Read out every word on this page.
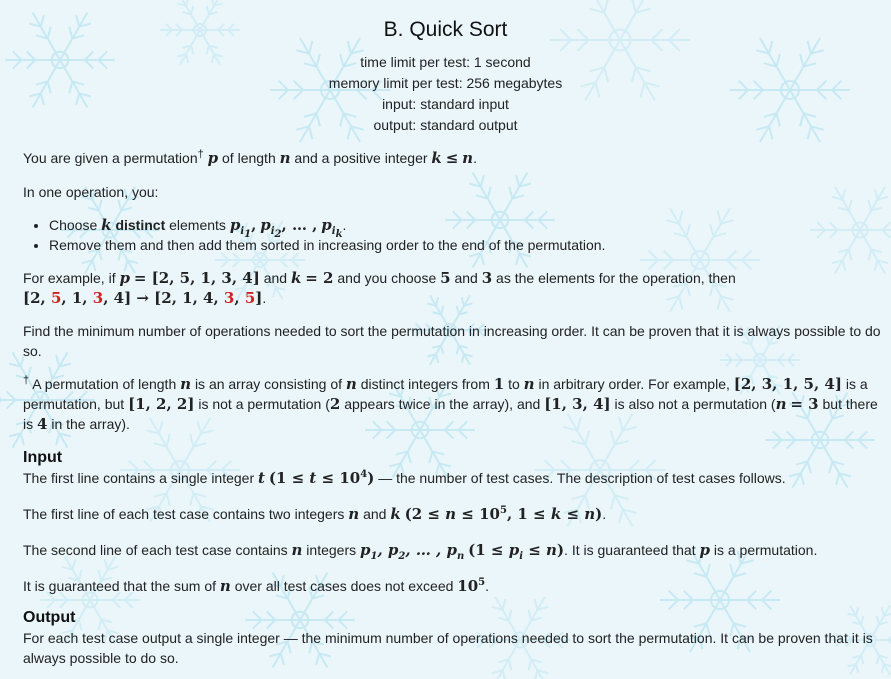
B. Quick Sort
time limit per test: 1 second
memory limit per test: 256 megabytes
input: standard input
output: standard output

You are given a permutation† p of length n and a positive integer k ≤ n.

In one operation, you:

• Choose k distinct elements $p_{i_1}$, $p_{i_2}$, … , $p_{i_k}$.
• Remove them and then add them sorted in increasing order to the end of the permutation.

For example, if p = [2, 5, 1, 3, 4] and k = 2 and you choose 5 and 3 as the elements for the operation, then
[2, 5, 1, 3, 4] → [2, 1, 4, 3, 5].

Find the minimum number of operations needed to sort the permutation in increasing order. It can be proven that it is always possible to do so.

† A permutation of length n is an array consisting of n distinct integers from 1 to n in arbitrary order. For example, [2, 3, 1, 5, 4] is a permutation, but [1, 2, 2] is not a permutation (2 appears twice in the array), and [1, 3, 4] is also not a permutation (n = 3 but there is 4 in the array).

Input

The first line contains a single integer t $(1 \le t \le 10^4)$ — the number of test cases. The description of test cases follows.

The first line of each test case contains two integers n and k ($2 \le n \le 10^5$, 1 ≤ k ≤ n).

The second line of each test case contains n integers $p_1$, $p_2$, … , $p_n$ $(1 \le p_i \le n)$. It is guaranteed that p is a permutation.

It is guaranteed that the sum of n over all test cases does not exceed $10^5$.

Output

For each test case output a single integer — the minimum number of operations needed to sort the permutation. It can be proven that it is always possible to do so.
